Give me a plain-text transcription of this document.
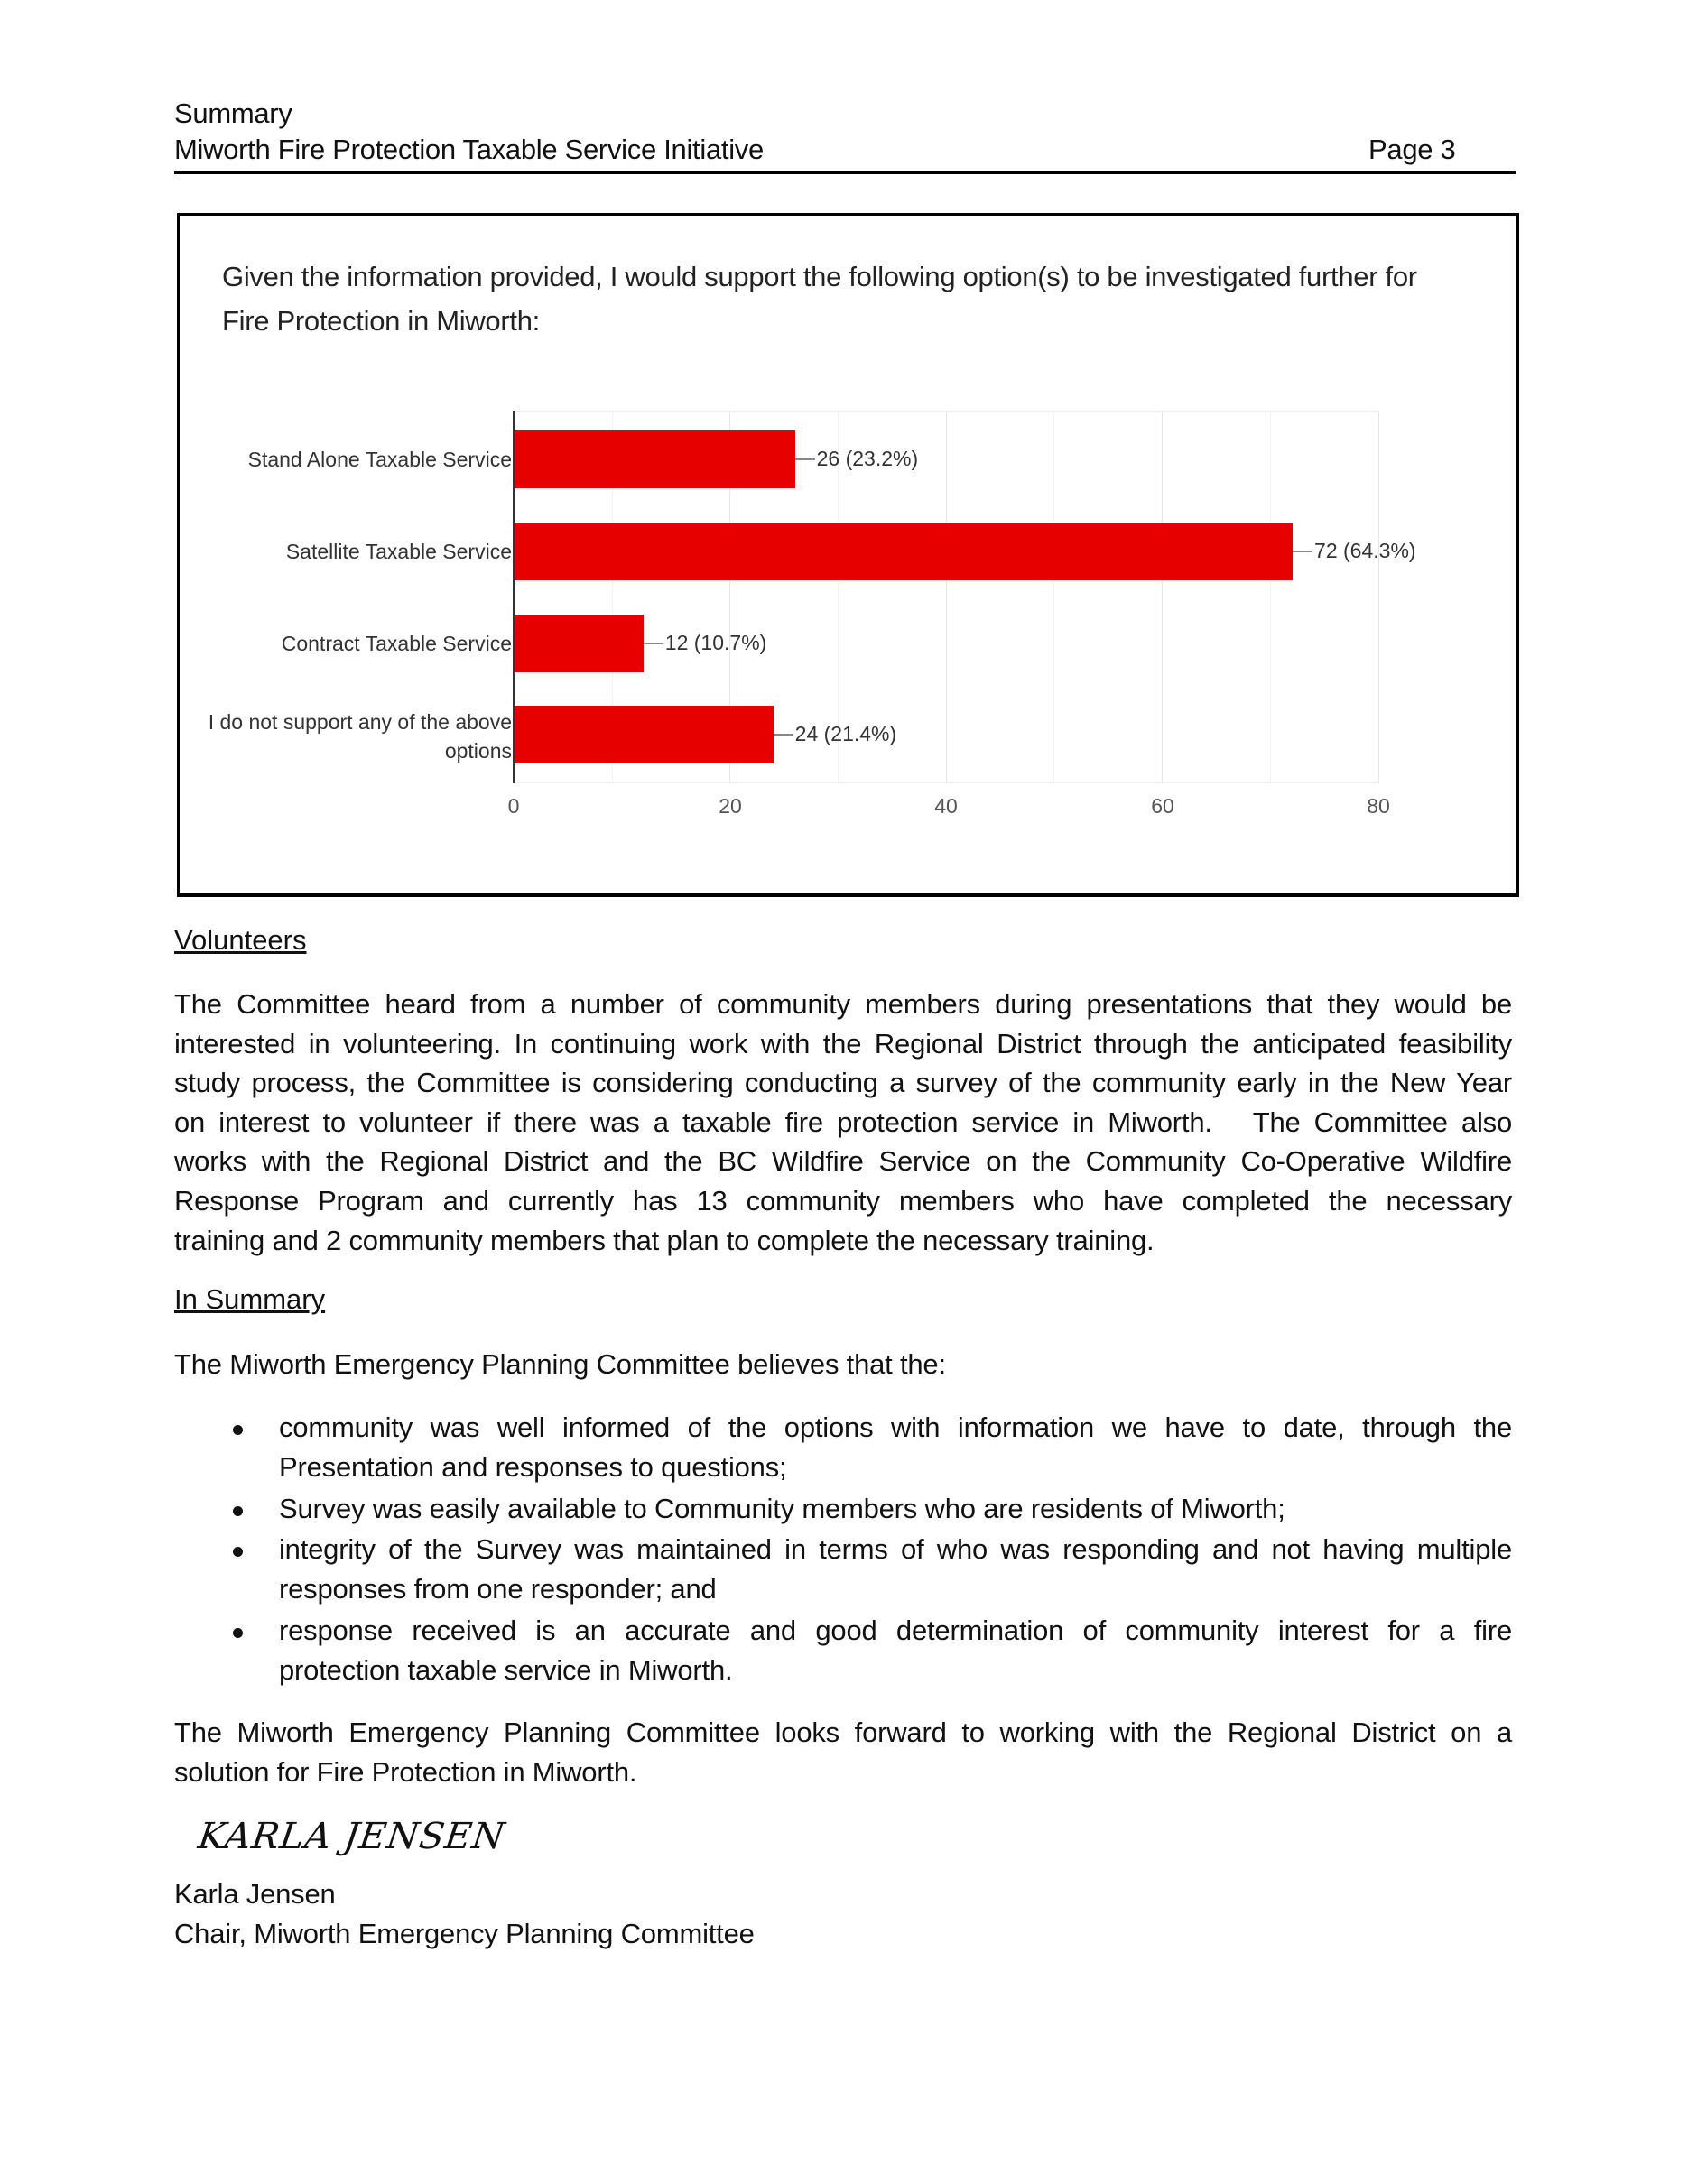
Summary
Miworth Fire Protection Taxable Service Initiative	Page 3
Given the information provided, I would support the following option(s) to be investigated further for
Fire Protection in Miworth:
26 (23.2%)
72 (64.3%)
12 (10.7%)
24 (21.4%)
Stand Alone Taxable Service
Satellite Taxable Service
Contract Taxable Service
I do not support any of the above
options
0	20	40	60	80
Volunteers
The Committee heard from a number of community members during presentations that they would be
interested in volunteering. In continuing work with the Regional District through the anticipated feasibility
study process, the Committee is considering conducting a survey of the community early in the New Year
on interest to volunteer if there was a taxable fire protection service in Miworth.   The Committee also
works with the Regional District and the BC Wildfire Service on the Community Co-Operative Wildfire
Response Program and currently has 13 community members who have completed the necessary
training and 2 community members that plan to complete the necessary training.
In Summary
The Miworth Emergency Planning Committee believes that the:
community was well informed of the options with information we have to date, through the
Presentation and responses to questions;
Survey was easily available to Community members who are residents of Miworth;
integrity of the Survey was maintained in terms of who was responding and not having multiple
responses from one responder; and
response received is an accurate and good determination of community interest for a fire
protection taxable service in Miworth.
The Miworth Emergency Planning Committee looks forward to working with the Regional District on a
solution for Fire Protection in Miworth.
KARLA JENSEN
Karla Jensen
Chair, Miworth Emergency Planning Committee
